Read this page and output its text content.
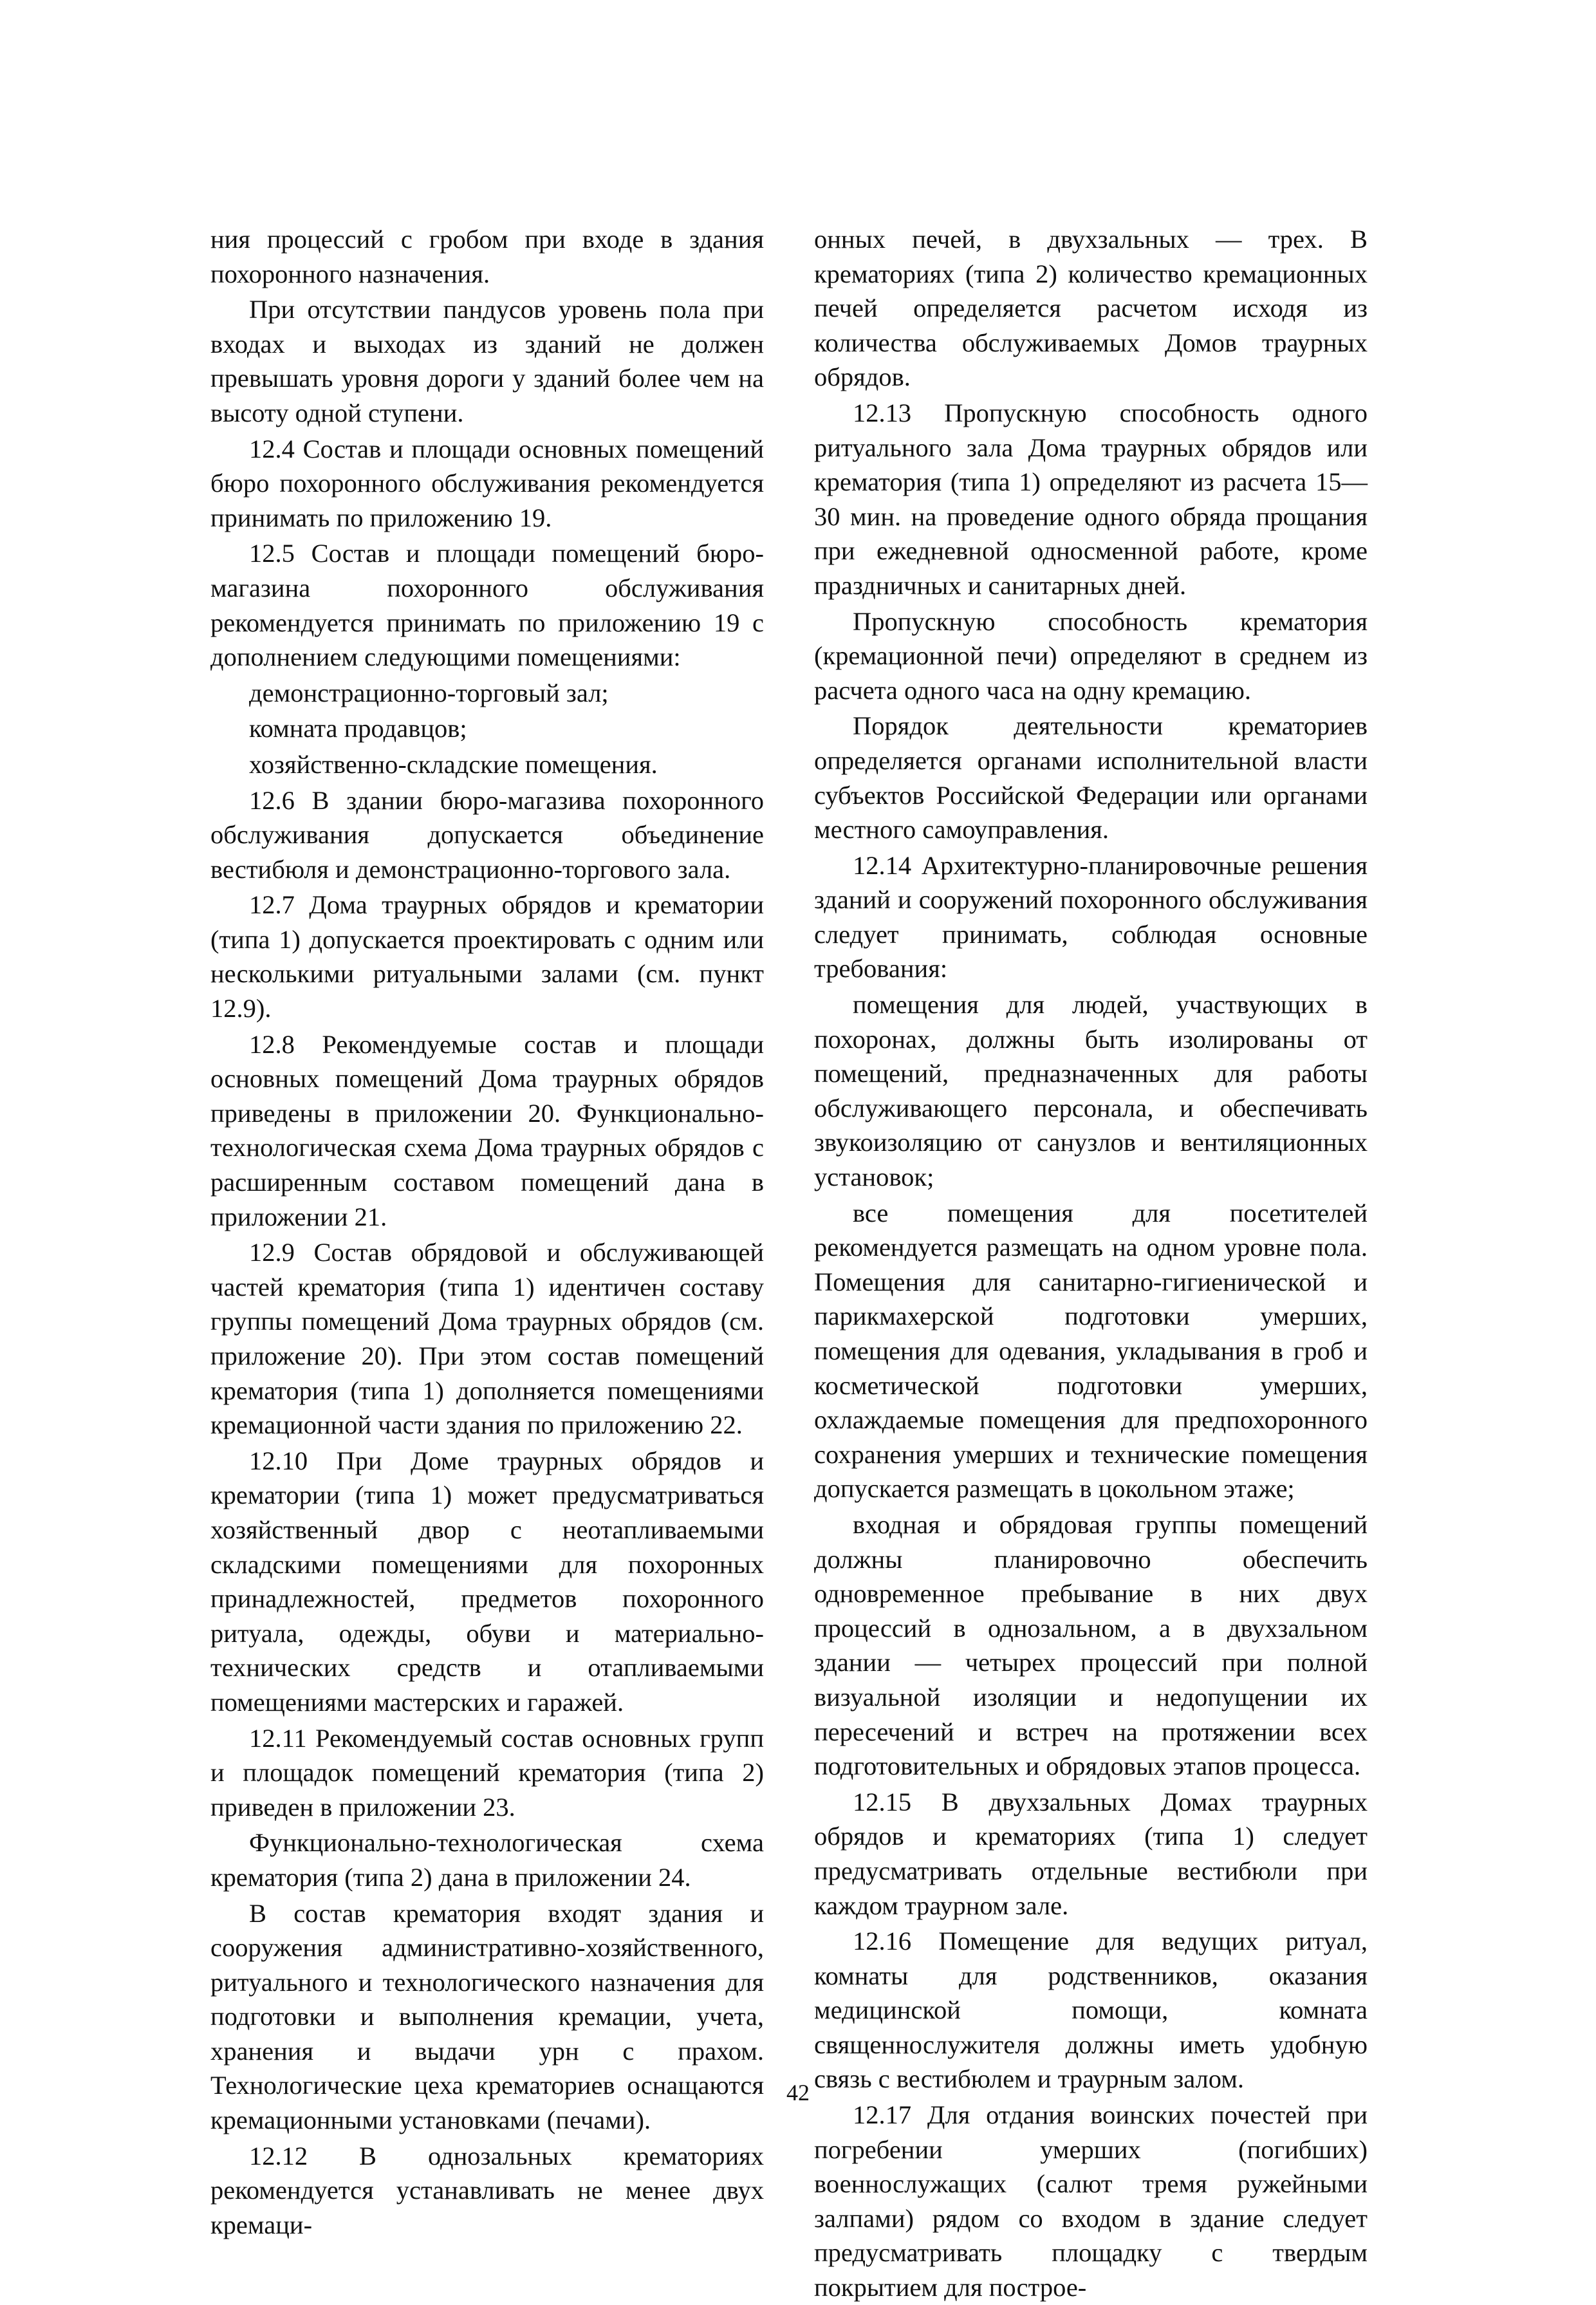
ния процессий с гробом при входе в здания похоронного назначения.

При отсутствии пандусов уровень пола при входах и выходах из зданий не должен превышать уровня дороги у зданий более чем на высоту одной ступени.

12.4 Состав и площади основных помещений бюро похоронного обслуживания рекомендуется принимать по приложению 19.

12.5 Состав и площади помещений бюро-магазина похоронного обслуживания рекомендуется принимать по приложению 19 с дополнением следующими помещениями:

демонстрационно-торговый зал;

комната продавцов;

хозяйственно-складские помещения.

12.6 В здании бюро-магазива похоронного обслуживания допускается объединение вестибюля и демонстрационно-торгового зала.

12.7 Дома траурных обрядов и крематории (типа 1) допускается проектировать с одним или несколькими ритуальными залами (см. пункт 12.9).

12.8 Рекомендуемые состав и площади основных помещений Дома траурных обрядов приведены в приложении 20. Функционально-технологическая схема Дома траурных обрядов с расширенным составом помещений дана в приложении 21.

12.9 Состав обрядовой и обслуживающей частей крематория (типа 1) идентичен составу группы помещений Дома траурных обрядов (см. приложение 20). При этом состав помещений крематория (типа 1) дополняется помещениями кремационной части здания по приложению 22.

12.10 При Доме траурных обрядов и крематории (типа 1) может предусматриваться хозяйственный двор с неотапливаемыми складскими помещениями для похоронных принадлежностей, предметов похоронного ритуала, одежды, обуви и материально-технических средств и отапливаемыми помещениями мастерских и гаражей.

12.11 Рекомендуемый состав основных групп и площадок помещений крематория (типа 2) приведен в приложении 23.

Функционально-технологическая схема крематория (типа 2) дана в приложении 24.

В состав крематория входят здания и сооружения административно-хозяйственного, ритуального и технологического назначения для подготовки и выполнения кремации, учета, хранения и выдачи урн с прахом. Технологические цеха крематориев оснащаются кремационными установками (печами).

12.12 В однозальных крематориях рекомендуется устанавливать не менее двух кремаци-

онных печей, в двухзальных — трех. В крематориях (типа 2) количество кремационных печей определяется расчетом исходя из количества обслуживаемых Домов траурных обрядов.

12.13 Пропускную способность одного ритуального зала Дома траурных обрядов или крематория (типа 1) определяют из расчета 15—30 мин. на проведение одного обряда прощания при ежедневной односменной работе, кроме праздничных и санитарных дней.

Пропускную способность крематория (кремационной печи) определяют в среднем из расчета одного часа на одну кремацию.

Порядок деятельности крематориев определяется органами исполнительной власти субъектов Российской Федерации или органами местного самоуправления.

12.14 Архитектурно-планировочные решения зданий и сооружений похоронного обслуживания следует принимать, соблюдая основные требования:

помещения для людей, участвующих в похоронах, должны быть изолированы от помещений, предназначенных для работы обслуживающего персонала, и обеспечивать звукоизоляцию от санузлов и вентиляционных установок;

все помещения для посетителей рекомендуется размещать на одном уровне пола. Помещения для санитарно-гигиенической и парикмахерской подготовки умерших, помещения для одевания, укладывания в гроб и косметической подготовки умерших, охлаждаемые помещения для предпохоронного сохранения умерших и технические помещения допускается размещать в цокольном этаже;

входная и обрядовая группы помещений должны планировочно обеспечить одновременное пребывание в них двух процессий в однозальном, а в двухзальном здании — четырех процессий при полной визуальной изоляции и недопущении их пересечений и встреч на протяжении всех подготовительных и обрядовых этапов процесса.

12.15 В двухзальных Домах траурных обрядов и крематориях (типа 1) следует предусматривать отдельные вестибюли при каждом траурном зале.

12.16 Помещение для ведущих ритуал, комнаты для родственников, оказания медицинской помощи, комната священнослужителя должны иметь удобную связь с вестибюлем и траурным залом.

12.17 Для отдания воинских почестей при погребении умерших (погибших) военнослужащих (салют тремя ружейными залпами) рядом со входом в здание следует предусматривать площадку с твердым покрытием для построе-

42
